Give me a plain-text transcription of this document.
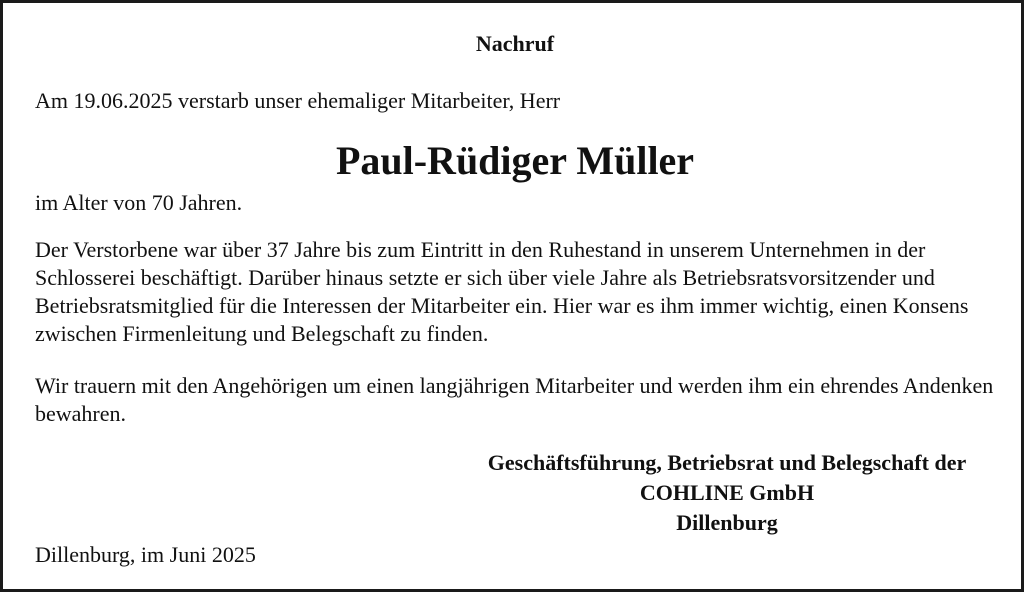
Nachruf
Am 19.06.2025 verstarb unser ehemaliger Mitarbeiter, Herr
Paul-Rüdiger Müller
im Alter von 70 Jahren.
Der Verstorbene war über 37 Jahre bis zum Eintritt in den Ruhestand in unserem Unternehmen in der Schlosserei beschäftigt. Darüber hinaus setzte er sich über viele Jahre als Betriebsratsvorsitzender und Betriebsratsmitglied für die Interessen der Mitarbeiter ein. Hier war es ihm immer wichtig, einen Konsens zwischen Firmenleitung und Belegschaft zu finden.
Wir trauern mit den Angehörigen um einen langjährigen Mitarbeiter und werden ihm ein ehrendes Andenken bewahren.
Geschäftsführung, Betriebsrat und Belegschaft der
COHLINE GmbH
Dillenburg
Dillenburg, im Juni 2025
